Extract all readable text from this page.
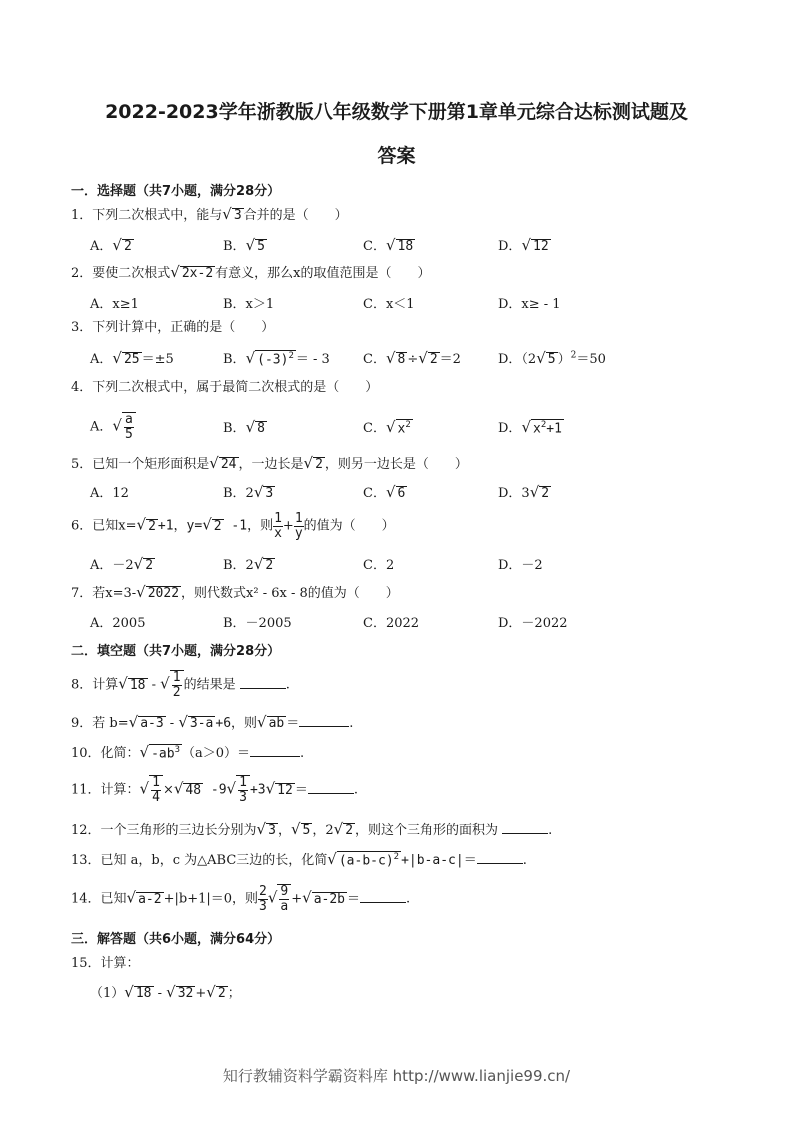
2022-2023学年浙教版八年级数学下册第1章单元综合达标测试题及
答案
一．选择题（共7小题，满分28分）
1．下列二次根式中，能与√ 3 合并的是（　　）
A．√ 2	B．√ 5	C．√ 18	D．√ 12
2．要使二次根式√ 2x-2 有意义，那么x的取值范围是（　　）
A．x≥1	B．x＞1	C．x＜1	D．x≥ - 1
3．下列计算中，正确的是（　　）
A．√ 25 ＝±5	B．√ $(-3)^2$ ＝ - 3	C．√ 8 ÷√ 2 ＝2	D．（2√ 5 ）$^2$＝50
4．下列二次根式中，属于最简二次根式的是（　　）
A．√ $\frac{a}{5}$	B．√ 8	C．√ $x^2$	D．√ $x^2+1$
5．已知一个矩形面积是√ 24 ，一边长是√ 2 ，则另一边长是（　　）
A．12	B．2√ 3	C．√ 6	D．3√ 2
6．已知x=√ 2 +1，y=√ 2 -1，则 $\frac{1}{x} + \frac{1}{y}$ 的值为（　　）
A．－2√ 2	B．2√ 2	C．2	D．－2
7．若x=3-√ 2022 ，则代数式x² - 6x - 8的值为（　　）
A．2005	B．－2005	C．2022	D．－2022
二．填空题（共7小题，满分28分）
8．计算√ 18 - √ $\frac{1}{2}$ 的结果是	.
9．若 b=√ a-3 - √ 3-a +6，则√ ab ＝	.
10．化简：√ $-ab^3$ （a＞0）＝	.
11．计算：√ $\frac{1}{4}$ ×√ 48 $-9√ \frac{1}{3} +3√$ 12 ＝	.
12．一个三角形的三边长分别为√ 3 ，√ 5 ，2√ 2 ，则这个三角形的面积为	.
13．已知 a，b，c 为△ABC三边的长，化简√ $(a-b-c)^2 +|b-a-c|=$	.
14．已知√ a-2 +|b+1|＝0，则 $\frac{2}{3}$ √ $\frac{9}{a}$ +√ a-2b ＝	.
三．解答题（共6小题，满分64分）
15．计算：
（1）√ 18 - √ 32 +√ 2 ；
知行教辅资料学霸资料库 http://www.lianjie99.cn/
